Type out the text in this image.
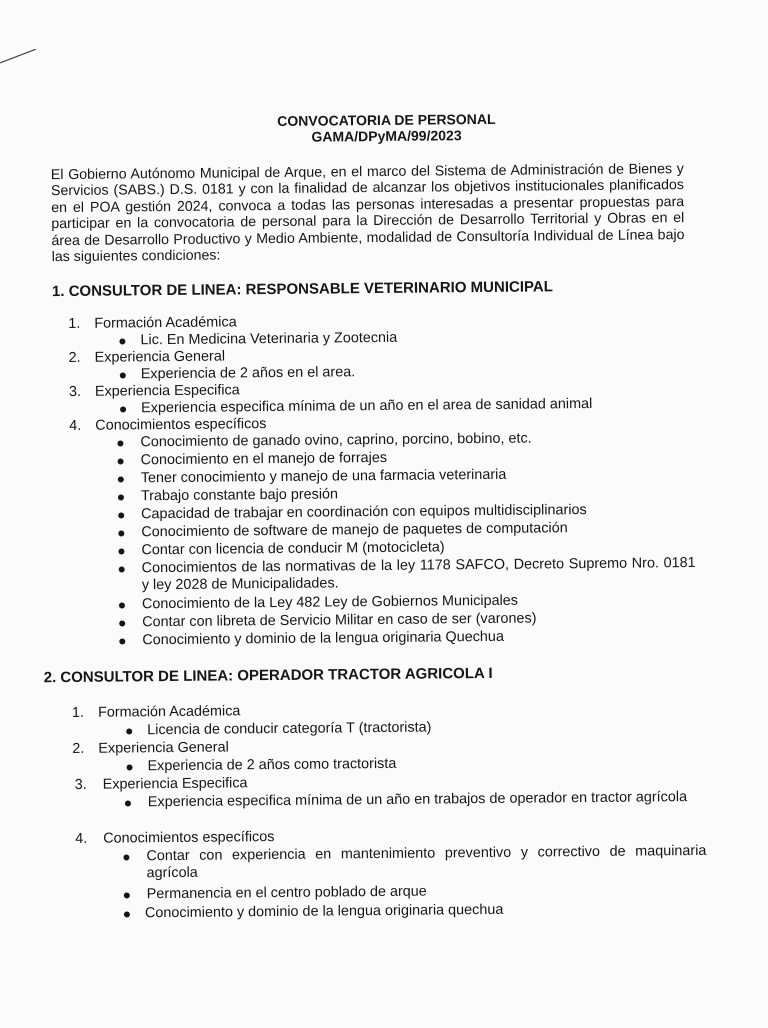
CONVOCATORIA DE PERSONAL
GAMA/DPyMA/99/2023
El Gobierno Autónomo Municipal de Arque, en el marco del Sistema de Administración de Bienes y Servicios (SABS.) D.S. 0181 y con la finalidad de alcanzar los objetivos institucionales planificados en el POA gestión 2024, convoca a todas las personas interesadas a presentar propuestas para participar en la convocatoria de personal para la Dirección de Desarrollo Territorial y Obras en el área de Desarrollo Productivo y Medio Ambiente, modalidad de Consultoría Individual de Línea bajo las siguientes condiciones:
1. CONSULTOR DE LINEA: RESPONSABLE VETERINARIO MUNICIPAL
1. Formación Académica
● Lic. En Medicina Veterinaria y Zootecnia
2. Experiencia General
● Experiencia de 2 años en el area.
3. Experiencia Especifica
● Experiencia especifica mínima de un año en el area de sanidad animal
4. Conocimientos específicos
● Conocimiento de ganado ovino, caprino, porcino, bobino, etc.
● Conocimiento en el manejo de forrajes
● Tener conocimiento y manejo de una farmacia veterinaria
● Trabajo constante bajo presión
● Capacidad de trabajar en coordinación con equipos multidisciplinarios
● Conocimiento de software de manejo de paquetes de computación
● Contar con licencia de conducir M (motocicleta)
● Conocimientos de las normativas de la ley 1178 SAFCO, Decreto Supremo Nro. 0181 y ley 2028 de Municipalidades.
● Conocimiento de la Ley 482 Ley de Gobiernos Municipales
● Contar con libreta de Servicio Militar en caso de ser (varones)
● Conocimiento y dominio de la lengua originaria Quechua
2. CONSULTOR DE LINEA: OPERADOR TRACTOR AGRICOLA I
1. Formación Académica
● Licencia de conducir categoría T (tractorista)
2. Experiencia General
● Experiencia de 2 años como tractorista
3. Experiencia Especifica
● Experiencia especifica mínima de un año en trabajos de operador en tractor agrícola
4. Conocimientos específicos
● Contar con experiencia en mantenimiento preventivo y correctivo de maquinaria agrícola
● Permanencia en el centro poblado de arque
● Conocimiento y dominio de la lengua originaria quechua
